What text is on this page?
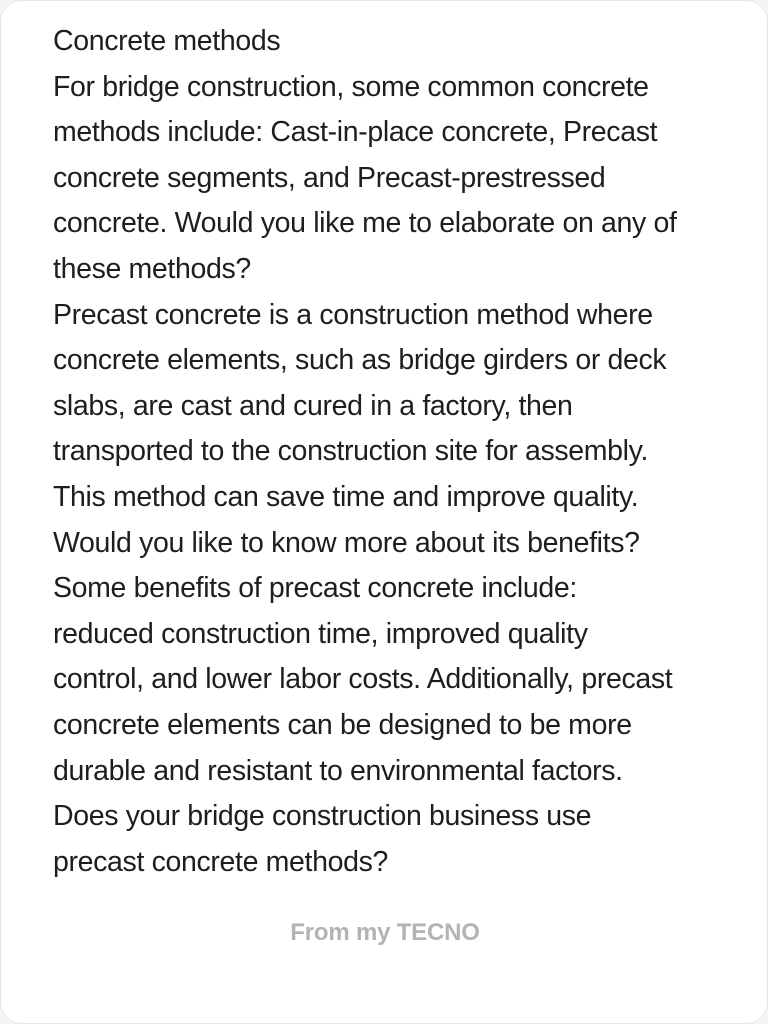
Concrete methods
For bridge construction, some common concrete
methods include: Cast-in-place concrete, Precast
concrete segments, and Precast-prestressed
concrete. Would you like me to elaborate on any of
these methods?
Precast concrete is a construction method where
concrete elements, such as bridge girders or deck
slabs, are cast and cured in a factory, then
transported to the construction site for assembly.
This method can save time and improve quality.
Would you like to know more about its benefits?
Some benefits of precast concrete include:
reduced construction time, improved quality
control, and lower labor costs. Additionally, precast
concrete elements can be designed to be more
durable and resistant to environmental factors.
Does your bridge construction business use
precast concrete methods?
From my TECNO
